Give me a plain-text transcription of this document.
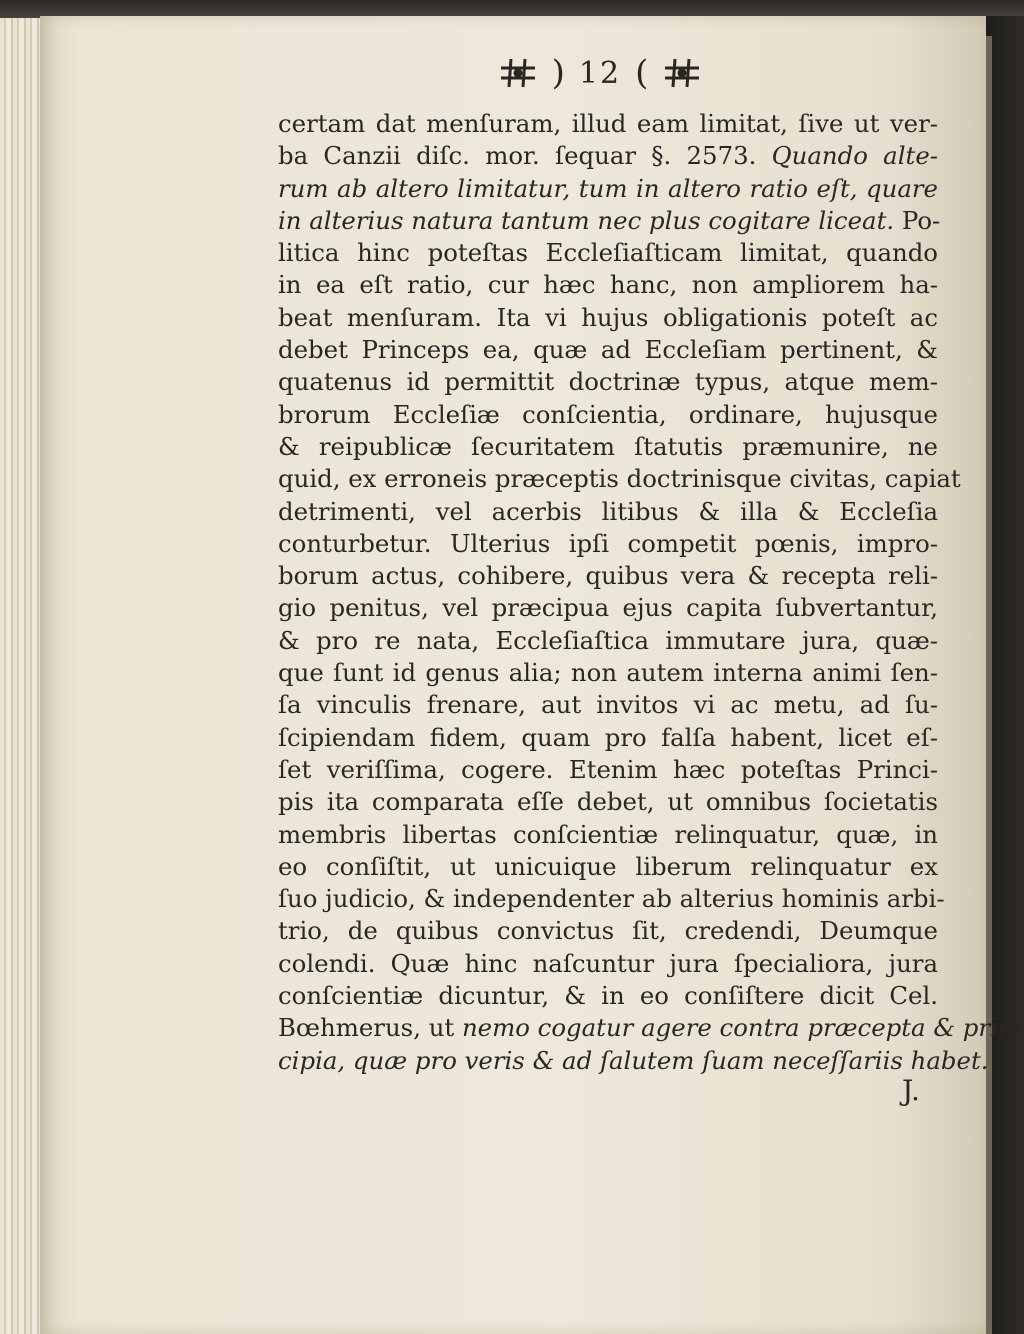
) 12 (
certam dat menſuram, illud eam limitat, ſive ut ver-
ba Canzii diſc. mor. ſequar §. 2573. Quando alte-
rum ab altero limitatur, tum in altero ratio eſt, quare
in alterius natura tantum nec plus cogitare liceat. Po-
litica hinc poteſtas Eccleſiaſticam limitat, quando
in ea eſt ratio, cur hæc hanc, non ampliorem ha-
beat menſuram. Ita vi hujus obligationis poteſt ac
debet Princeps ea, quæ ad Eccleſiam pertinent, &
quatenus id permittit doctrinæ typus, atque mem-
brorum Eccleſiæ conſcientia, ordinare, hujusque
& reipublicæ ſecuritatem ſtatutis præmunire, ne
quid, ex erroneis præceptis doctrinisque civitas, capiat
detrimenti, vel acerbis litibus & illa & Eccleſia
conturbetur. Ulterius ipſi competit pœnis, impro-
borum actus, cohibere, quibus vera & recepta reli-
gio penitus, vel præcipua ejus capita ſubvertantur,
& pro re nata, Eccleſiaſtica immutare jura, quæ-
que ſunt id genus alia; non autem interna animi ſen-
ſa vinculis frenare, aut invitos vi ac metu, ad ſu-
ſcipiendam fidem, quam pro falſa habent, licet eſ-
ſet veriſſima, cogere. Etenim hæc poteſtas Princi-
pis ita comparata eſſe debet, ut omnibus ſocietatis
membris libertas conſcientiæ relinquatur, quæ, in
eo conſiſtit, ut unicuique liberum relinquatur ex
ſuo judicio, & independenter ab alterius hominis arbi-
trio, de quibus convictus ſit, credendi, Deumque
colendi. Quæ hinc naſcuntur jura ſpecialiora, jura
conſcientiæ dicuntur, & in eo conſiſtere dicit Cel.
Bœhmerus, ut nemo cogatur agere contra præcepta & prin-
cipia, quæ pro veris & ad ſalutem ſuam neceſſariis habet.
J.
